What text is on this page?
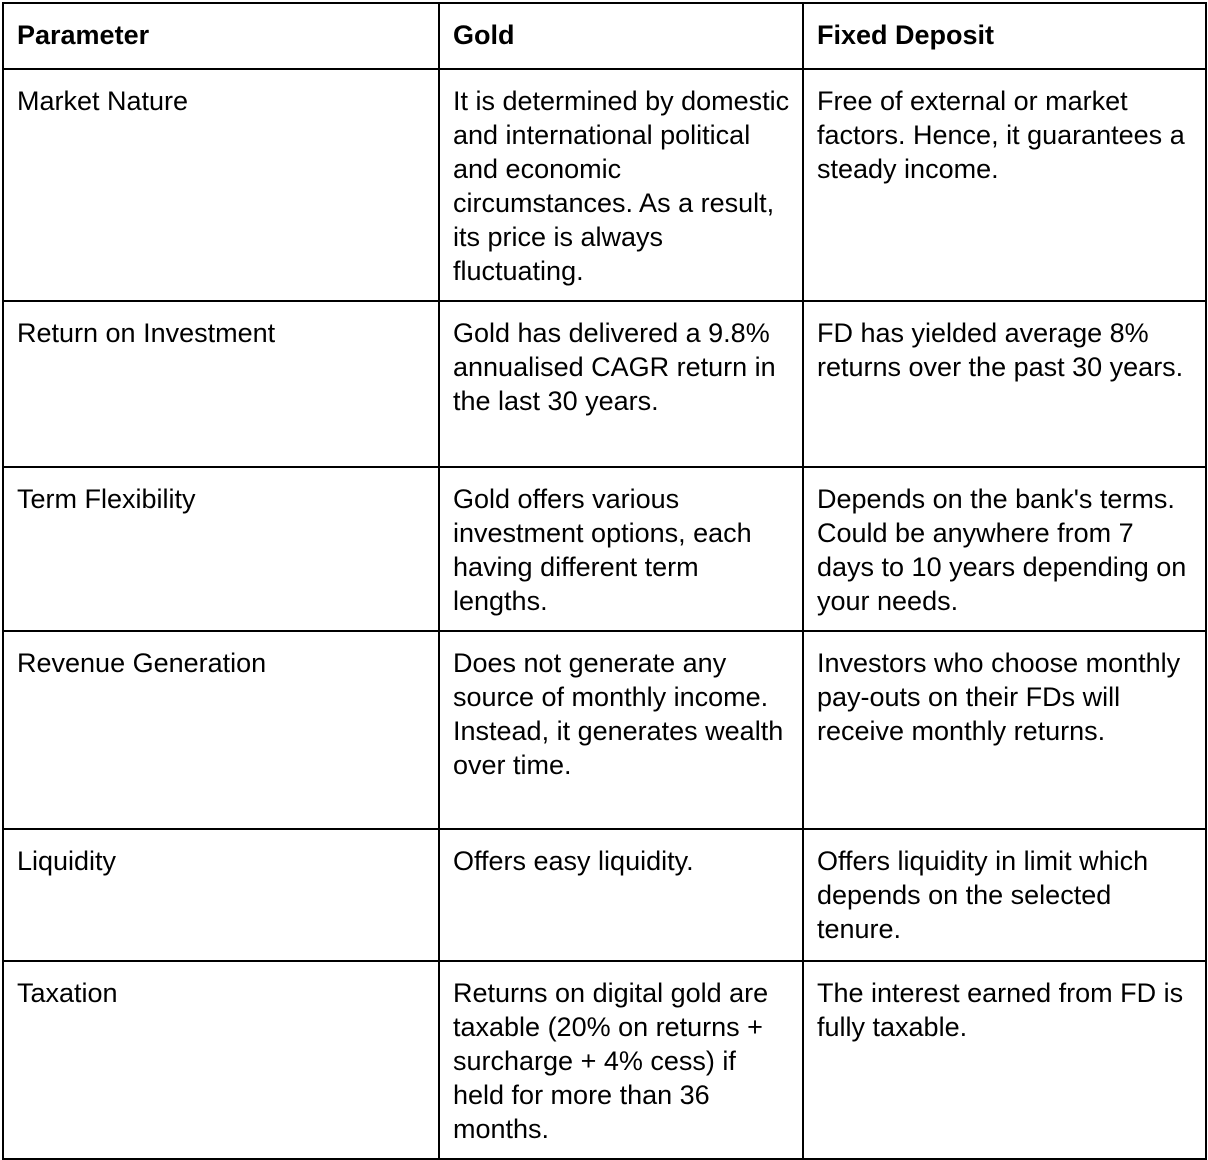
Parameter	Gold	Fixed Deposit
Market Nature	It is determined by domestic and international political and economic circumstances. As a result, its price is always fluctuating.	Free of external or market factors. Hence, it guarantees a steady income.
Return on Investment	Gold has delivered a 9.8% annualised CAGR return in the last 30 years.	FD has yielded average 8% returns over the past 30 years.
Term Flexibility	Gold offers various investment options, each having different term lengths.	Depends on the bank's terms. Could be anywhere from 7 days to 10 years depending on your needs.
Revenue Generation	Does not generate any source of monthly income. Instead, it generates wealth over time.	Investors who choose monthly pay-outs on their FDs will receive monthly returns.
Liquidity	Offers easy liquidity.	Offers liquidity in limit which depends on the selected tenure.
Taxation	Returns on digital gold are taxable (20% on returns + surcharge + 4% cess) if held for more than 36 months.	The interest earned from FD is fully taxable.
